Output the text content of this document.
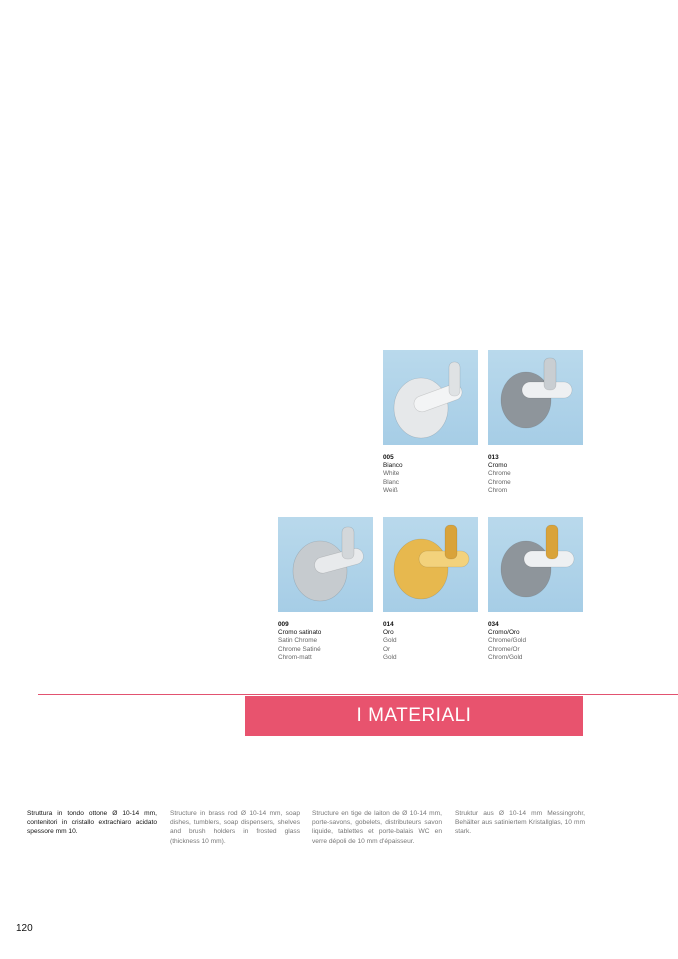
005
Bianco
White
Blanc
Weiß
013
Cromo
Chrome
Chrome
Chrom
009
Cromo satinato
Satin Chrome
Chrome Satiné
Chrom-matt
014
Oro
Gold
Or
Gold
034
Cromo/Oro
Chrome/Gold
Chrome/Or
Chrom/Gold
I MATERIALI
Struttura in tondo ottone Ø 10-14 mm, contenitori in cristallo extrachiaro acidato spessore mm 10.
Structure in brass rod Ø 10-14 mm, soap dishes, tumblers, soap dispensers, shelves and brush holders in frosted glass (thickness 10 mm).
Structure en tige de laiton de Ø 10-14 mm, porte-savons, gobelets, distributeurs savon liquide, tablettes et porte-balais WC en verre dépoli de 10 mm d'épaisseur.
Struktur aus Ø 10-14 mm Messingrohr, Behälter aus satiniertem Kristallglas, 10 mm stark.
120
